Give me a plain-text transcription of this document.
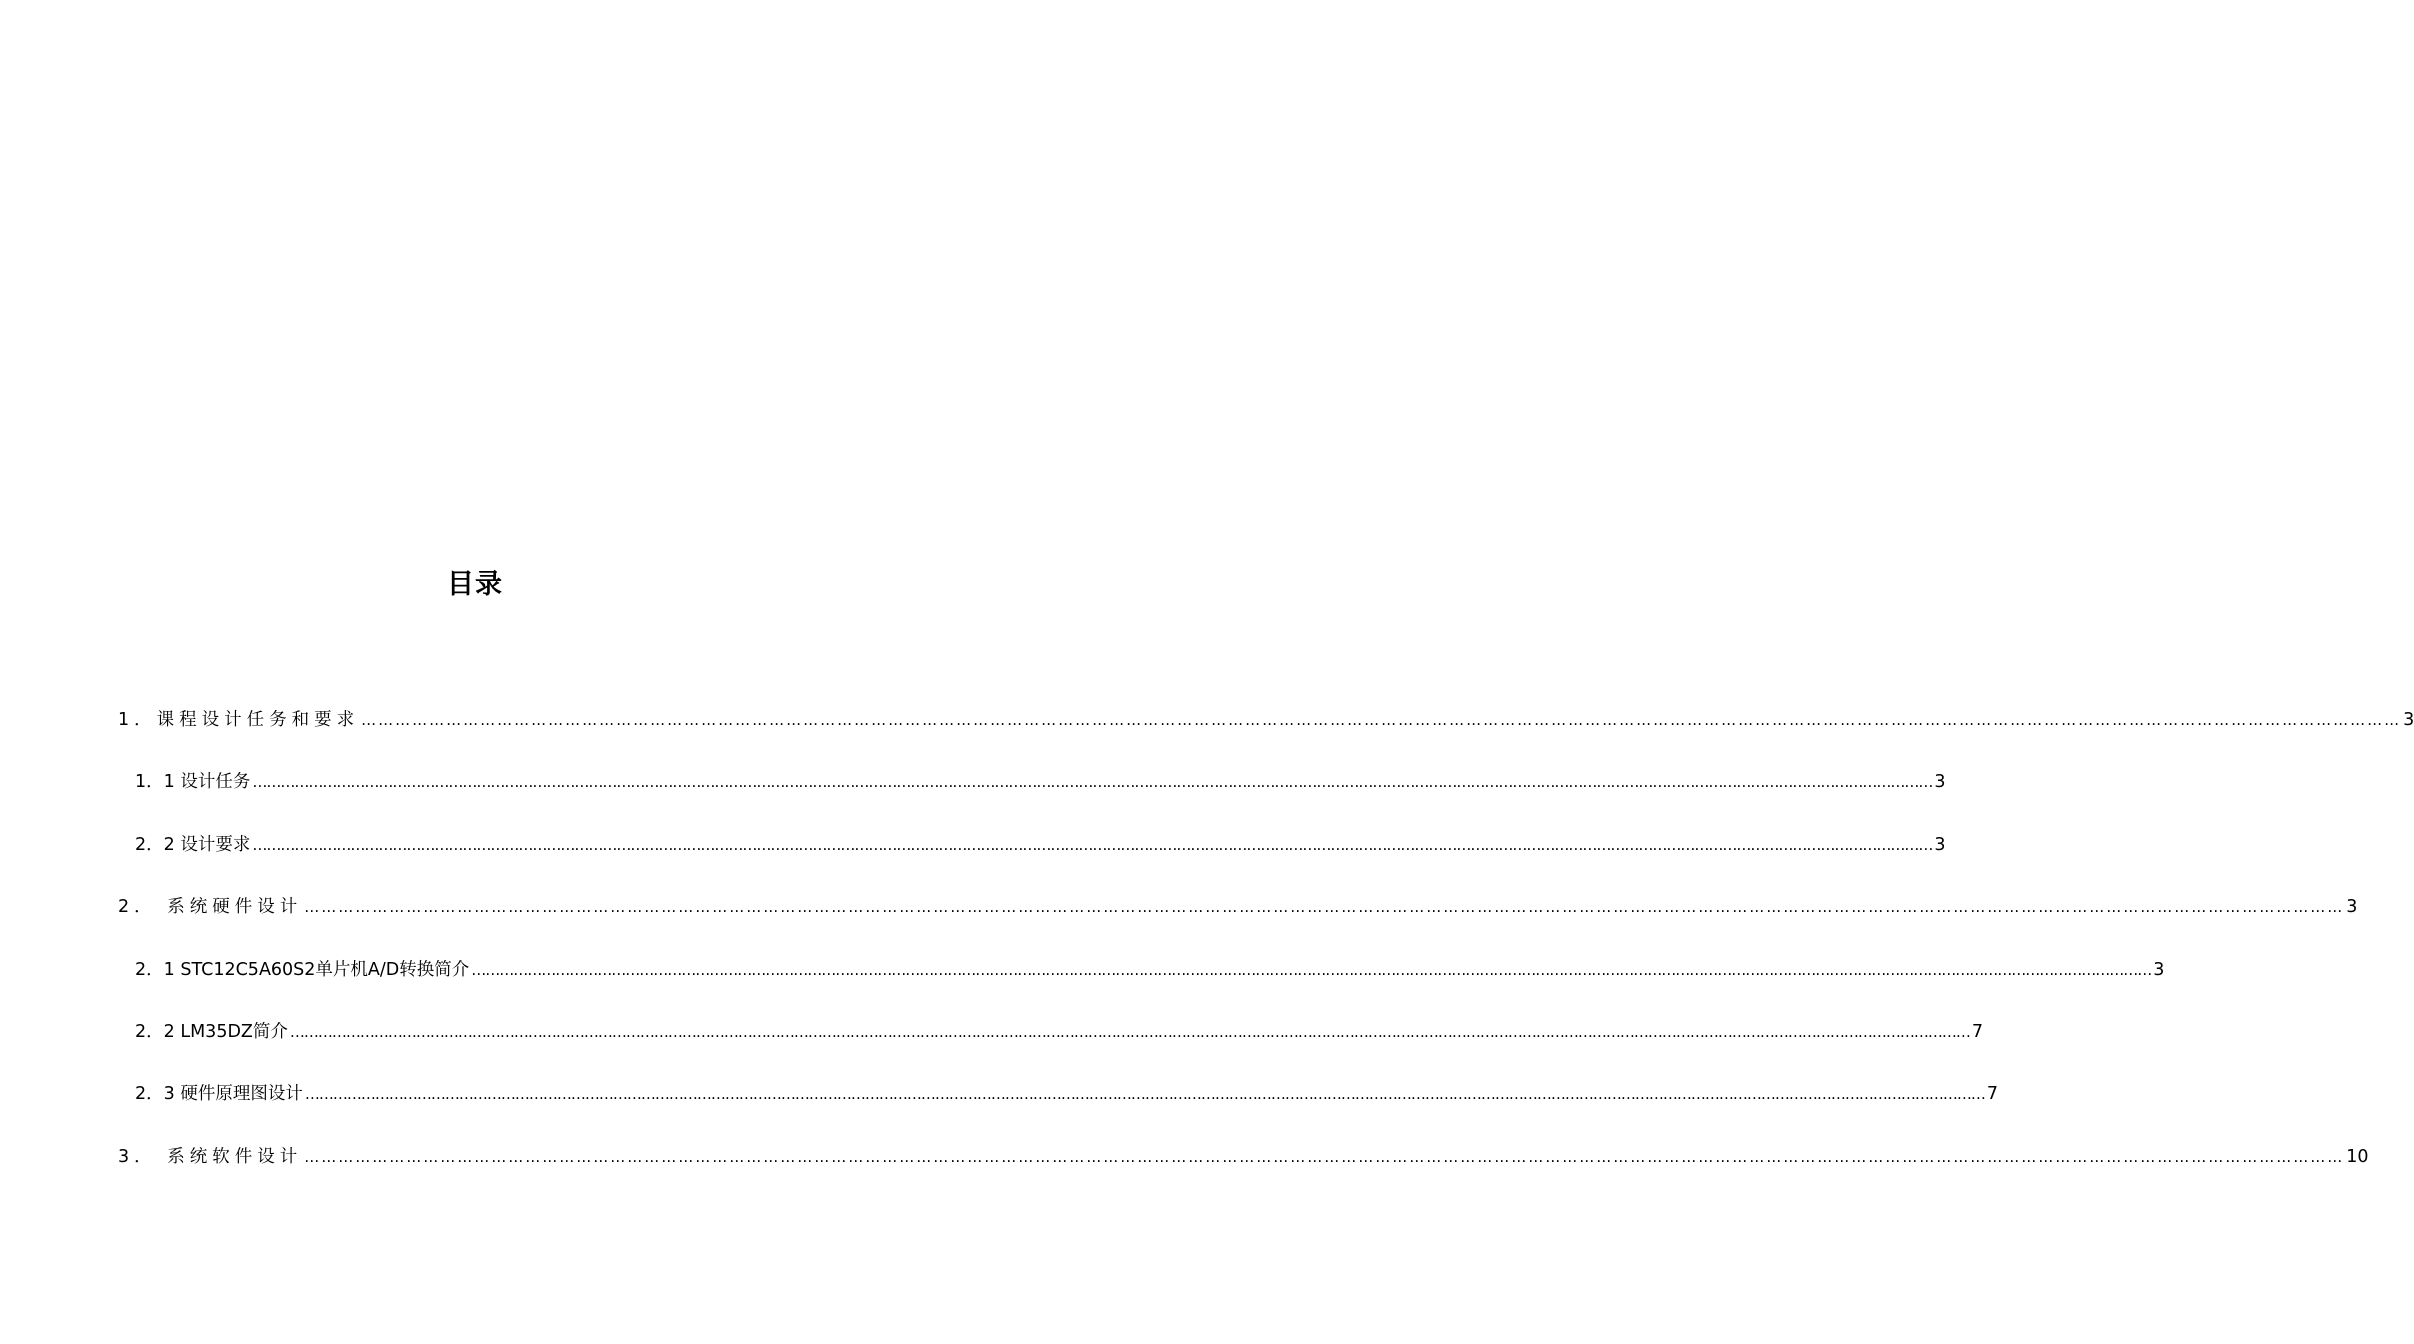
目录
1．课程设计任务和要求 ……………………………………………………………………………………………………………………………………………………………………………………………………………………………………………………………………………………………………………………………… 3
1．1 设计任务 ……………………………………………………………………………………………………………………………………………………………………………………………………………………………………………………………………………………………………………………………… 3
2．2 设计要求 ……………………………………………………………………………………………………………………………………………………………………………………………………………………………………………………………………………………………………………………………… 3
2． 系统硬件设计 ……………………………………………………………………………………………………………………………………………………………………………………………………………………………………………………………………………………………………………………………… 3
2．1 STC12C5A60S2单片机A/D转换简介 ……………………………………………………………………………………………………………………………………………………………………………………………………………………………………………………………………………………………………………………………… 3
2．2 LM35DZ简介 ……………………………………………………………………………………………………………………………………………………………………………………………………………………………………………………………………………………………………………………………… 7
2．3 硬件原理图设计 ……………………………………………………………………………………………………………………………………………………………………………………………………………………………………………………………………………………………………………………………… 7
3． 系统软件设计 ……………………………………………………………………………………………………………………………………………………………………………………………………………………………………………………………………………………………………………………………… 10
